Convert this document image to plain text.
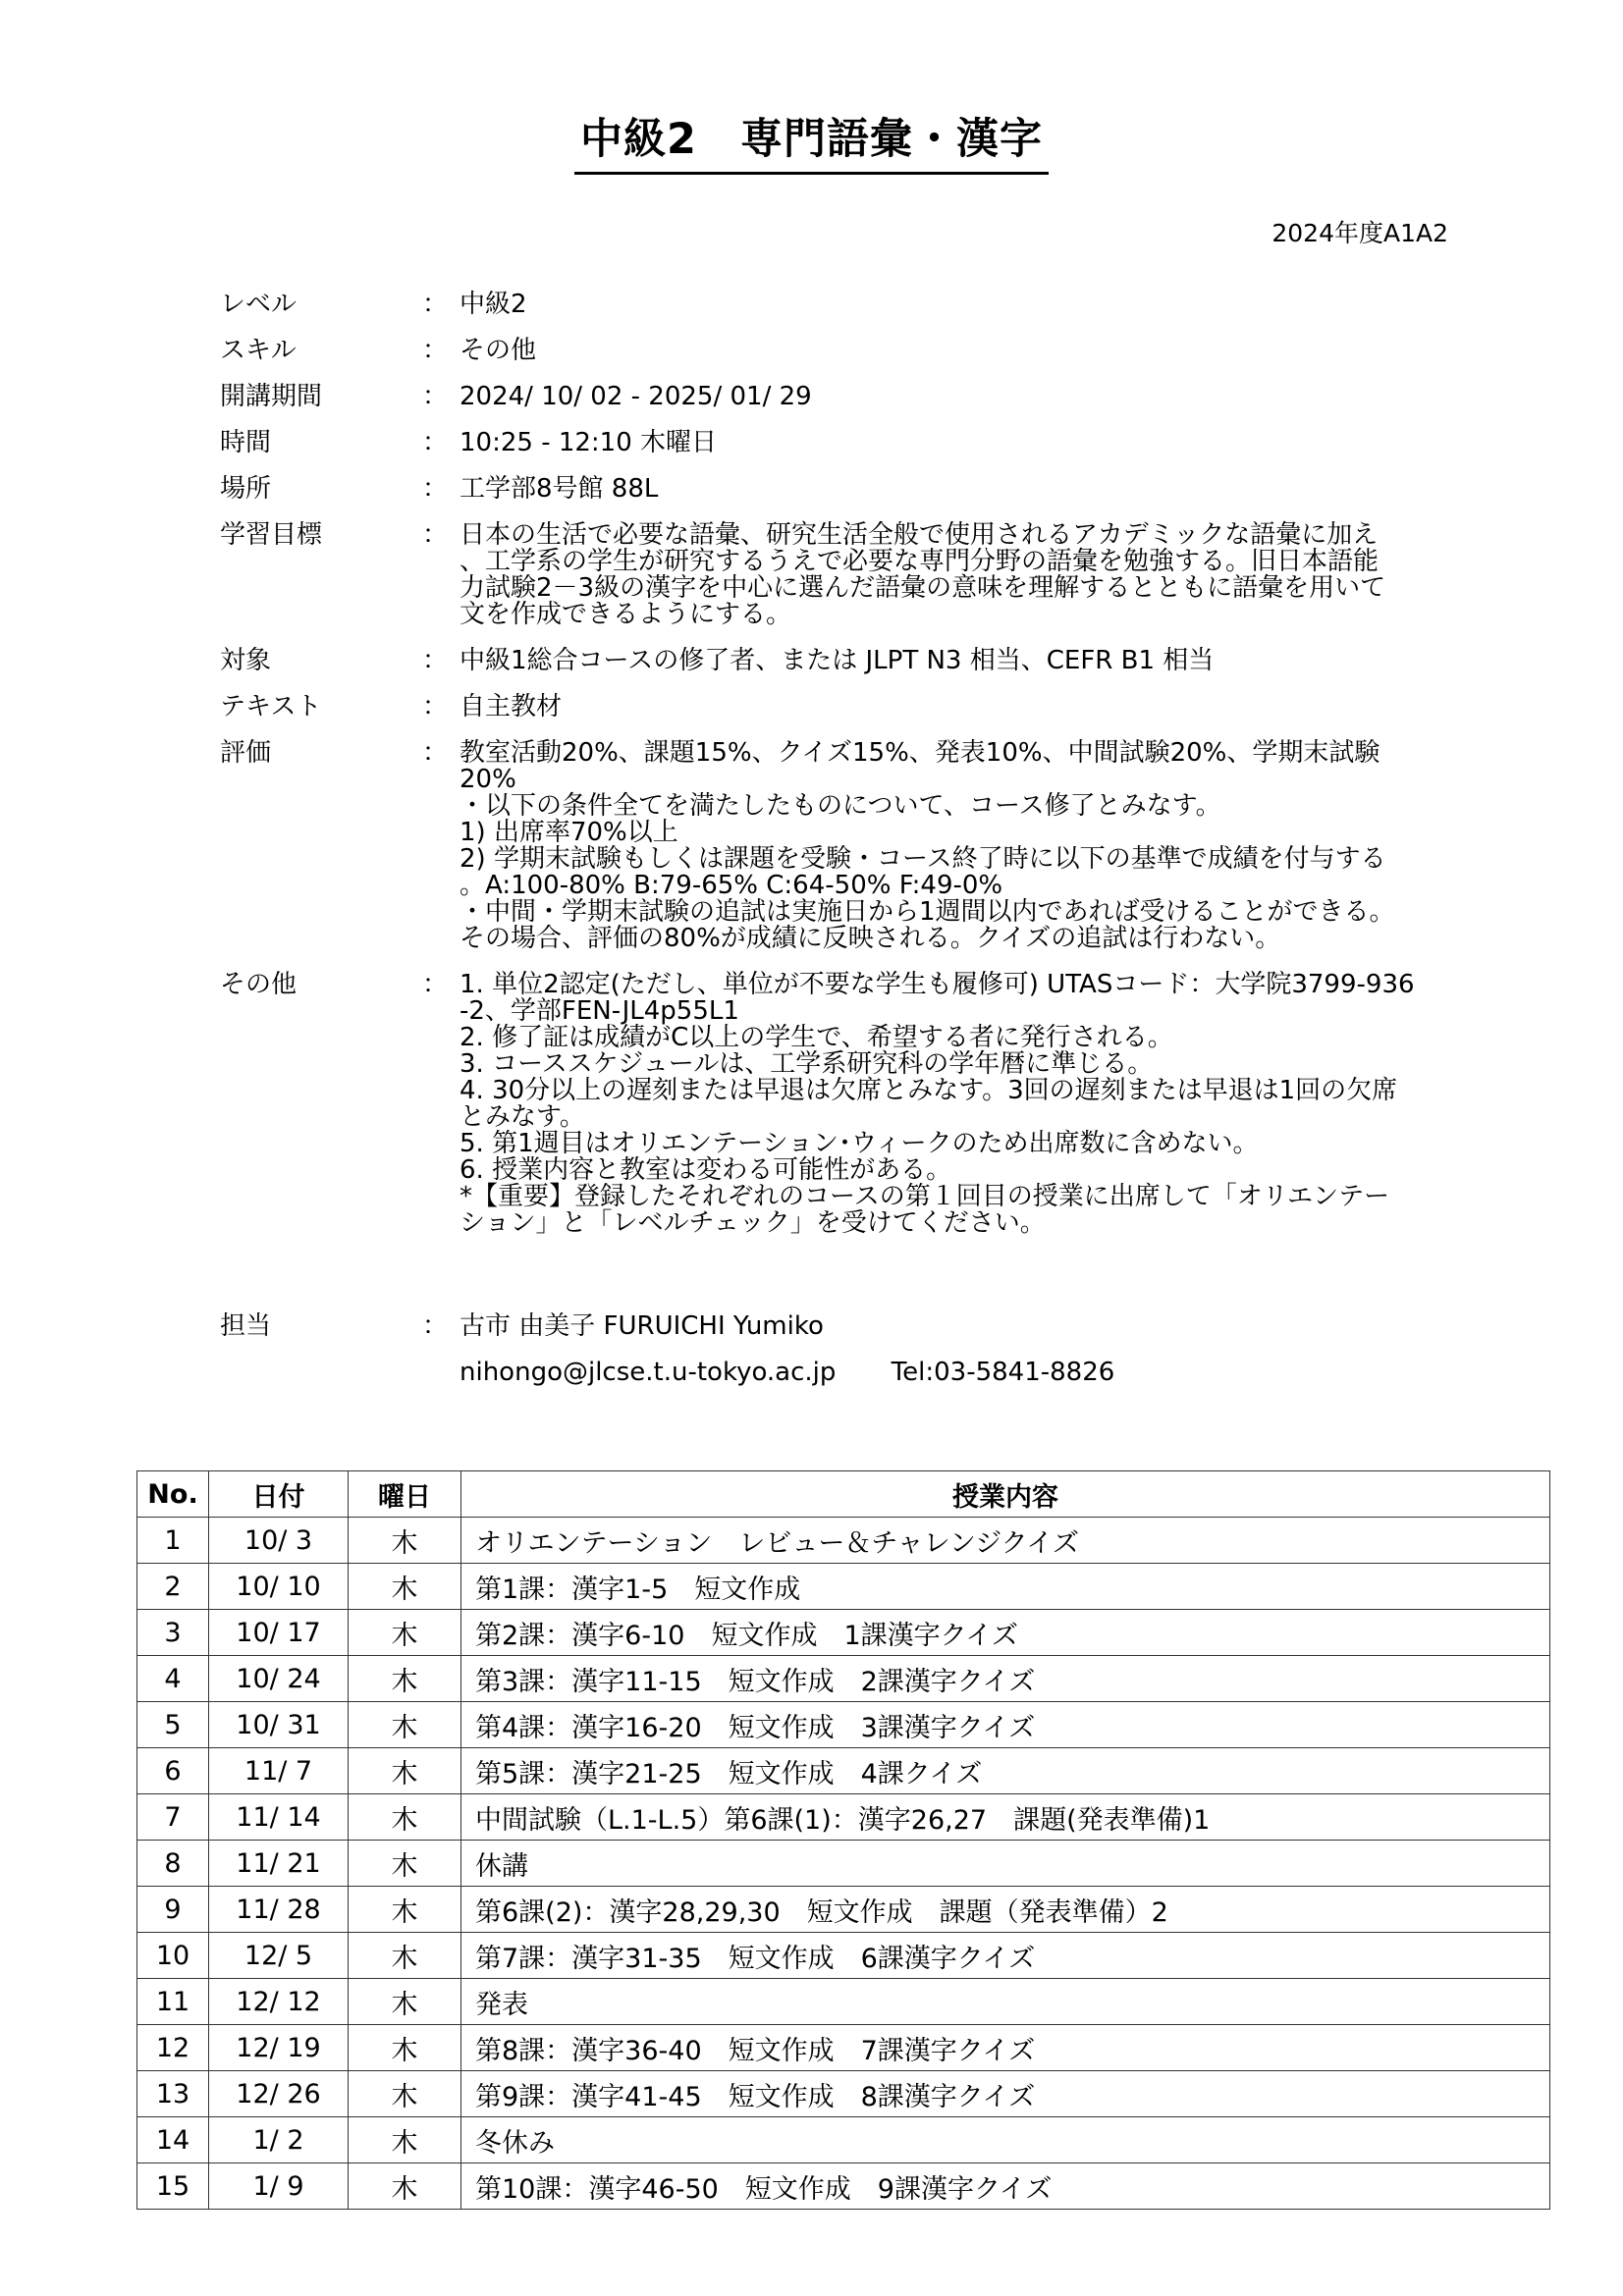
中級2　専門語彙・漢字
2024年度A1A2
レベル	： 中級2
スキル	： その他
開講期間	： 2024/ 10/ 02 - 2025/ 01/ 29
時間	： 10:25 - 12:10 木曜日
場所	： 工学部8号館 88L
学習目標	： 日本の生活で必要な語彙、研究生活全般で使用されるアカデミックな語彙に加え
、工学系の学生が研究するうえで必要な専門分野の語彙を勉強する。旧日本語能
力試験2－3級の漢字を中心に選んだ語彙の意味を理解するとともに語彙を用いて
文を作成できるようにする。
対象	： 中級1総合コースの修了者、または JLPT N3 相当、CEFR B1 相当
テキスト	： 自主教材
評価	： 教室活動20%、課題15%、クイズ15%、発表10%、中間試験20%、学期末試験
20%
・以下の条件全てを満たしたものについて、コース修了とみなす。
1) 出席率70%以上
2) 学期末試験もしくは課題を受験・コース終了時に以下の基準で成績を付与する
。A:100-80% B:79-65% C:64-50% F:49-0%
・中間・学期末試験の追試は実施日から1週間以内であれば受けることができる。
その場合、評価の80%が成績に反映される。クイズの追試は行わない。
その他	： 1. 単位2認定(ただし、単位が不要な学生も履修可) UTASコード：大学院3799-936
-2、学部FEN-JL4p55L1
2. 修了証は成績がC以上の学生で、希望する者に発行される。
3. コーススケジュールは、工学系研究科の学年暦に準じる。
4. 30分以上の遅刻または早退は欠席とみなす。3回の遅刻または早退は1回の欠席
とみなす。
5. 第1週目はオリエンテーション･ウィークのため出席数に含めない。
6. 授業内容と教室は変わる可能性がある。
*【重要】登録したそれぞれのコースの第１回目の授業に出席して「オリエンテー
ション」と「レベルチェック」を受けてください。
担当	： 古市 由美子 FURUICHI Yumiko
nihongo@jlcse.t.u-tokyo.ac.jp Tel:03-5841-8826
No.	日付	曜日	授業内容
1	10/ 3	木	オリエンテーション　レビュー＆チャレンジクイズ
2	10/ 10	木	第1課：漢字1-5　短文作成
3	10/ 17	木	第2課：漢字6-10　短文作成　1課漢字クイズ
4	10/ 24	木	第3課：漢字11-15　短文作成　2課漢字クイズ
5	10/ 31	木	第4課：漢字16-20　短文作成　3課漢字クイズ
6	11/ 7	木	第5課：漢字21-25　短文作成　4課クイズ
7	11/ 14	木	中間試験（L.1-L.5）第6課(1)：漢字26,27　課題(発表準備)1
8	11/ 21	木	休講
9	11/ 28	木	第6課(2)：漢字28,29,30　短文作成　課題（発表準備）2
10	12/ 5	木	第7課：漢字31-35　短文作成　6課漢字クイズ
11	12/ 12	木	発表
12	12/ 19	木	第8課：漢字36-40　短文作成　7課漢字クイズ
13	12/ 26	木	第9課：漢字41-45　短文作成　8課漢字クイズ
14	1/ 2	木	冬休み
15	1/ 9	木	第10課：漢字46-50　短文作成　9課漢字クイズ
